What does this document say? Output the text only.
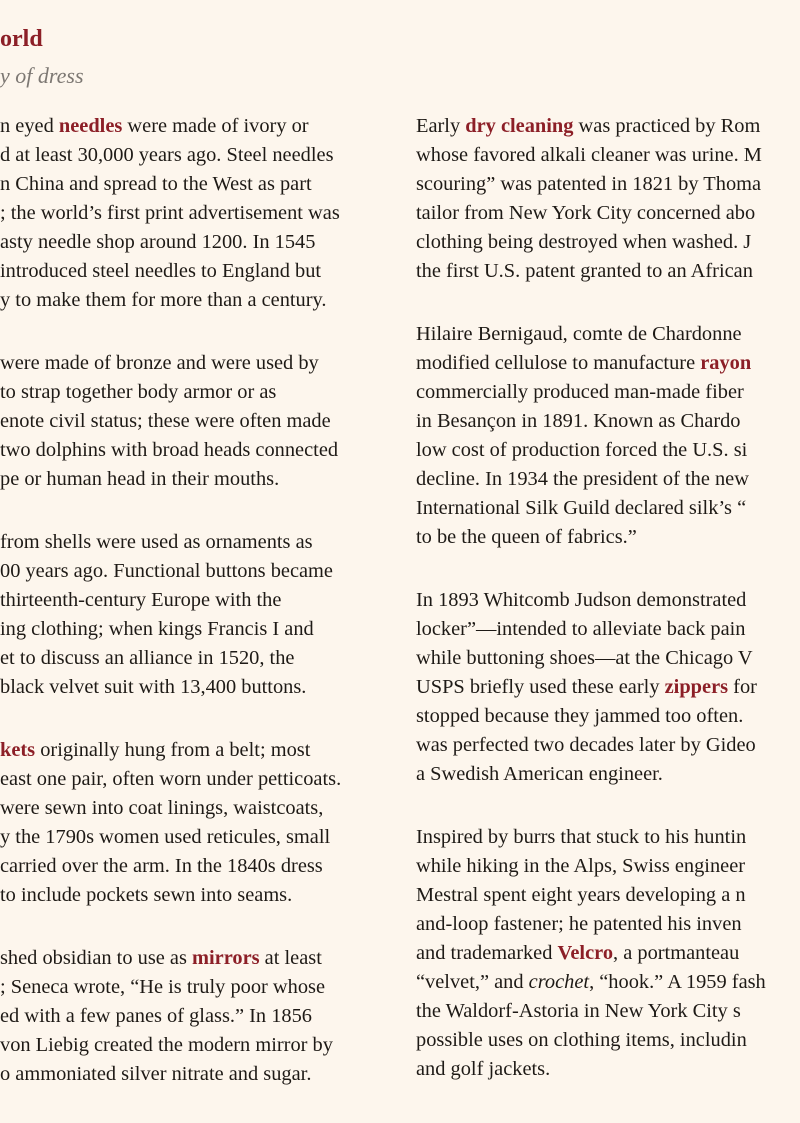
orld
y of dress
n eyed needles were made of ivory or
d at least 30,000 years ago. Steel needles
n China and spread to the West as part
; the world’s first print advertisement was
asty needle shop around 1200. In 1545
introduced steel needles to England but
y to make them for more than a century.
were made of bronze and were used by
to strap together body armor or as
enote civil status; these were often made
two dolphins with broad heads connected
pe or human head in their mouths.
from shells were used as ornaments as
00 years ago. Functional buttons became
thirteenth-century Europe with the
ing clothing; when kings Francis I and
et to discuss an alliance in 1520, the
black velvet suit with 13,400 buttons.
kets originally hung from a belt; most
east one pair, often worn under petticoats.
were sewn into coat linings, waistcoats,
y the 1790s women used reticules, small
carried over the arm. In the 1840s dress
to include pockets sewn into seams.
shed obsidian to use as mirrors at least
; Seneca wrote, “He is truly poor whose
ed with a few panes of glass.” In 1856
von Liebig created the modern mirror by
o ammoniated silver nitrate and sugar.
Early dry cleaning was practiced by Rom
whose favored alkali cleaner was urine. M
scouring” was patented in 1821 by Thoma
tailor from New York City concerned abo
clothing being destroyed when washed. J
the first U.S. patent granted to an African
Hilaire Bernigaud, comte de Chardonne
modified cellulose to manufacture rayon
commercially produced man-made fiber
in Besançon in 1891. Known as Chardo
low cost of production forced the U.S. si
decline. In 1934 the president of the new
International Silk Guild declared silk’s “
to be the queen of fabrics.”
In 1893 Whitcomb Judson demonstrated
locker”—intended to alleviate back pain
while buttoning shoes—at the Chicago V
USPS briefly used these early zippers for
stopped because they jammed too often.
was perfected two decades later by Gideo
a Swedish American engineer.
Inspired by burrs that stuck to his huntin
while hiking in the Alps, Swiss engineer
Mestral spent eight years developing a n
and-loop fastener; he patented his inven
and trademarked Velcro, a portmanteau
“velvet,” and crochet, “hook.” A 1959 fash
the Waldorf-Astoria in New York City s
possible uses on clothing items, includin
and golf jackets.
